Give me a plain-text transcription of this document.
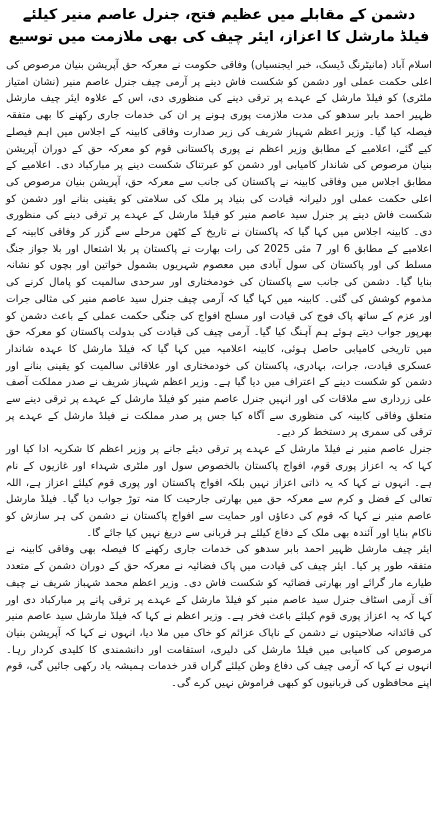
دشمن کے مقابلے میں عظیم فتح، جنرل عاصم منیر کیلئے فیلڈ مارشل کا اعزاز، ایئر چیف کی بھی ملازمت میں توسیع

اسلام آباد (مانیٹرنگ ڈیسک، خبر ایجنسیاں) وفاقی حکومت نے معرکہ حق آپریشن بنیان مرصوص کی اعلی حکمت عملی اور دشمن کو شکست فاش دینے پر آرمی چیف جنرل عاصم منیر (نشان امتیاز ملٹری) کو فیلڈ مارشل کے عہدے پر ترقی دینے کی منظوری دی، اس کے علاوہ ایئر چیف مارشل ظہیر احمد بابر سدھو کی مدت ملازمت پوری ہونے پر ان کی خدمات جاری رکھنے کا بھی متفقہ فیصلہ کیا گیا۔ وزیر اعظم شہباز شریف کی زیر صدارت وفاقی کابینہ کے اجلاس میں اہم فیصلے کیے گئے، اعلامیے کے مطابق وزیر اعظم نے پوری پاکستانی قوم کو معرکہ حق کے دوران آپریشن بنیان مرصوص کی شاندار کامیابی اور دشمن کو عبرتناک شکست دینے پر مبارکباد دی۔ اعلامیے کے مطابق اجلاس میں وفاقی کابینہ نے پاکستان کی جانب سے معرکہ حق، آپریشن بنیان مرصوص کی اعلی حکمت عملی اور دلیرانہ قیادت کی بنیاد پر ملک کی سلامتی کو یقینی بنانے اور دشمن کو شکست فاش دینے پر جنرل سید عاصم منیر کو فیلڈ مارشل کے عہدے پر ترقی دینے کی منظوری دی۔ کابینہ اجلاس میں کہا گیا کہ پاکستان نے تاریخ کے کٹھن مرحلے سے گزر کر وفاقی کابینہ کے اعلامیے کے مطابق 6 اور 7 مئی 2025 کی رات بھارت نے پاکستان پر بلا اشتعال اور بلا جواز جنگ مسلط کی اور پاکستان کی سول آبادی میں معصوم شہریوں بشمول خواتین اور بچوں کو نشانہ بنایا گیا۔ دشمن کی جانب سے پاکستان کی خودمختاری اور سرحدی سالمیت کو پامال کرنے کی مذموم کوشش کی گئی۔ کابینہ میں کہا گیا کہ آرمی چیف جنرل سید عاصم منیر کی مثالی جرات اور عزم کے ساتھ پاک فوج کی قیادت اور مسلح افواج کی جنگی حکمت عملی کے باعث دشمن کو بھرپور جواب دیتے ہوئے ہم آہنگ کیا گیا۔ آرمی چیف کی قیادت کی بدولت پاکستان کو معرکہ حق میں تاریخی کامیابی حاصل ہوئی، کابینہ اعلامیہ میں کہا گیا کہ فیلڈ مارشل کا عہدہ شاندار عسکری قیادت، جرات، بہادری، پاکستان کی خودمختاری اور علاقائی سالمیت کو یقینی بنانے اور دشمن کو شکست دینے کے اعتراف میں دیا گیا ہے۔ وزیر اعظم شہباز شریف نے صدر مملکت آصف علی زرداری سے ملاقات کی اور انہیں جنرل عاصم منیر کو فیلڈ مارشل کے عہدے پر ترقی دینے سے متعلق وفاقی کابینہ کی منظوری سے آگاہ کیا جس پر صدر مملکت نے فیلڈ مارشل کے عہدے پر ترقی کی سمری پر دستخط کر دیے۔

جنرل عاصم منیر نے فیلڈ مارشل کے عہدے پر ترقی دیئے جانے پر وزیر اعظم کا شکریہ ادا کیا اور کہا کہ یہ اعزاز پوری قوم، افواج پاکستان بالخصوص سول اور ملٹری شہداء اور غازیوں کے نام ہے۔ انہوں نے کہا کہ یہ ذاتی اعزاز نہیں بلکہ افواج پاکستان اور پوری قوم کیلئے اعزاز ہے، اللہ تعالی کے فضل و کرم سے معرکہ حق میں بھارتی جارحیت کا منہ توڑ جواب دیا گیا۔ فیلڈ مارشل عاصم منیر نے کہا کہ قوم کی دعاؤں اور حمایت سے افواج پاکستان نے دشمن کی ہر سازش کو ناکام بنایا اور آئندہ بھی ملک کے دفاع کیلئے ہر قربانی سے دریغ نہیں کیا جائے گا۔

ایئر چیف مارشل ظہیر احمد بابر سدھو کی خدمات جاری رکھنے کا فیصلہ بھی وفاقی کابینہ نے متفقہ طور پر کیا۔ ایئر چیف کی قیادت میں پاک فضائیہ نے معرکہ حق کے دوران دشمن کے متعدد طیارے مار گرائے اور بھارتی فضائیہ کو شکست فاش دی۔ وزیر اعظم محمد شہباز شریف نے چیف آف آرمی اسٹاف جنرل سید عاصم منیر کو فیلڈ مارشل کے عہدے پر ترقی پانے پر مبارکباد دی اور کہا کہ یہ اعزاز پوری قوم کیلئے باعث فخر ہے۔ وزیر اعظم نے کہا کہ فیلڈ مارشل سید عاصم منیر کی قائدانہ صلاحیتوں نے دشمن کے ناپاک عزائم کو خاک میں ملا دیا، انہوں نے کہا کہ آپریشن بنیان مرصوص کی کامیابی میں فیلڈ مارشل کی دلیری، استقامت اور دانشمندی کا کلیدی کردار رہا۔ انہوں نے کہا کہ آرمی چیف کی دفاع وطن کیلئے گراں قدر خدمات ہمیشہ یاد رکھی جائیں گی، قوم اپنے محافظوں کی قربانیوں کو کبھی فراموش نہیں کرے گی۔
